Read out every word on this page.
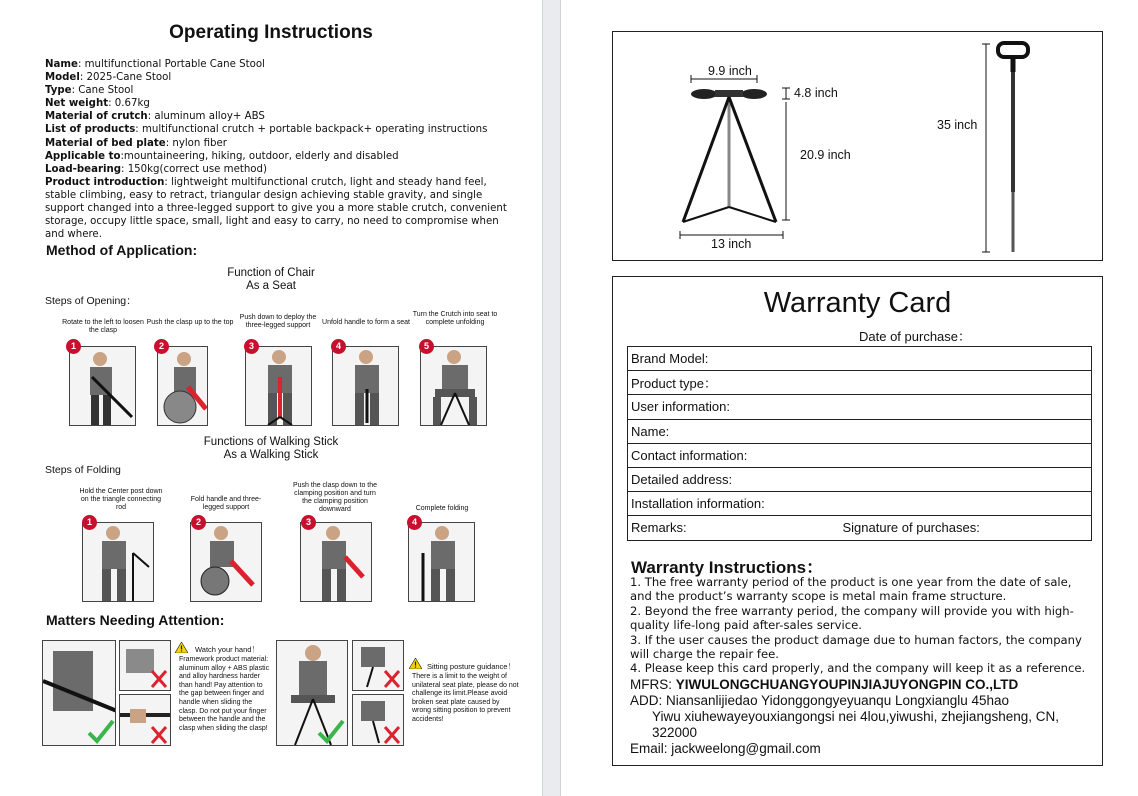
Operating Instructions
Name: multifunctional Portable Cane Stool
Model: 2025-Cane Stool
Type: Cane Stool
Net weight: 0.67kg
Material of crutch: aluminum alloy+ ABS
List of products: multifunctional crutch + portable backpack+ operating instructions
Material of bed plate: nylon fiber
Applicable to:mountaineering, hiking, outdoor, elderly and disabled
Load-bearing: 150kg(correct use method)
Product introduction: lightweight multifunctional crutch, light and steady hand feel, stable climbing, easy to retract, triangular design achieving stable gravity, and single support changed into a three-legged support to give you a more stable crutch, convenient storage, occupy little space, small, light and easy to carry, no need to compromise when and where.
Method of Application:
Function of Chair
As a Seat
Steps of Opening：
Rotate to the left to loosen the clasp
Push the clasp up to the top
Push down to deploy the three-legged support	Unfold handle to form a seat
Turn the Crutch into seat to complete unfolding
1	2	3	4	5
Functions of Walking Stick
As a Walking Stick
Steps of Folding
Hold the Center post down on the triangle connecting rod
Fold handle and three-legged support
Push the clasp down to the clamping position and turn the clamping position downward	Complete folding
1	2	3	4
Matters Needing Attention:
Watch your hand！
Framework product material: aluminum alloy + ABS plastic and alloy hardness harder than hand! Pay attention to the gap between finger and handle when sliding the clasp. Do not put your finger between the handle and the clasp when sliding the clasp!
Sitting posture guidance！
There is a limit to the weight of unilateral seat plate, please do not challenge its limit.Please avoid broken seat plate caused by wrong sitting position to prevent accidents!
9.9 inch
4.8 inch
20.9 inch
13 inch
35 inch
Warranty Card
Date of purchase：
Brand Model:
Product type：
User information:
Name:
Contact information:
Detailed address:
Installation information:
Remarks:	Signature of purchases:
Warranty Instructions：

1. The free warranty period of the product is one year from the date of sale, and the product’s warranty scope is metal main frame structure.

2. Beyond the free warranty period, the company will provide you with high-quality life-long paid after-sales service.

3. If the user causes the product damage due to human factors, the company will charge the repair fee.

4. Please keep this card properly, and the company will keep it as a reference.

MFRS: YIWULONGCHUANGYOUPINJIAJUYONGPIN CO.,LTD
ADD: Niansanlijiedao Yidonggongyeyuanqu Longxianglu 45hao
Yiwu xiuhewayeyouxiangongsi nei 4lou,yiwushi, zhejiangsheng, CN, 322000
Email: jackweelong@gmail.com
